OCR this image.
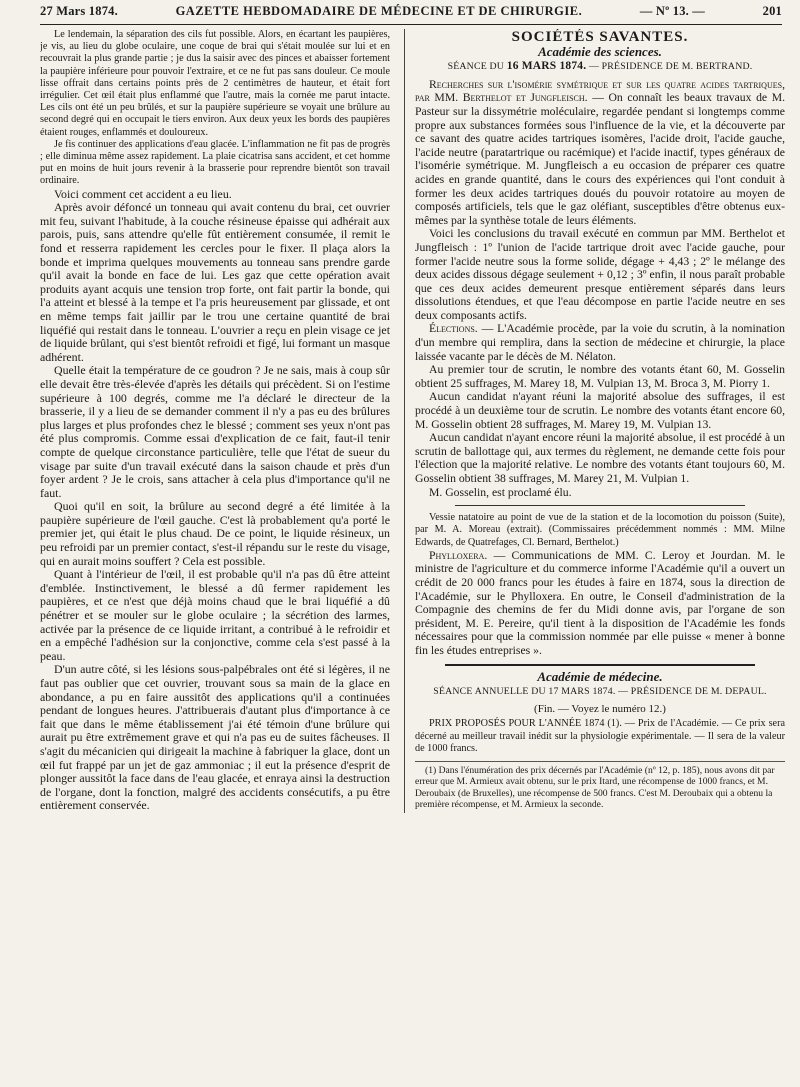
27 Mars 1874.	GAZETTE HEBDOMADAIRE DE MÉDECINE ET DE CHIRURGIE.	— Nº 13. —	201

Le lendemain, la séparation des cils fut possible. Alors, en écartant les paupières, je vis, au lieu du globe oculaire, une coque de brai qui s'était moulée sur lui et en recouvrait la plus grande partie ; je dus la saisir avec des pinces et abaisser fortement la paupière inférieure pour pouvoir l'extraire, et ce ne fut pas sans douleur. Ce moule lisse offrait dans certains points près de 2 centimètres de hauteur, et était fort irrégulier. Cet œil était plus enflammé que l'autre, mais la cornée me parut intacte. Les cils ont été un peu brûlés, et sur la paupière supérieure se voyait une brûlure au second degré qui en occupait le tiers environ. Aux deux yeux les bords des paupières étaient rouges, enflammés et douloureux.

Je fis continuer des applications d'eau glacée. L'inflammation ne fit pas de progrès ; elle diminua même assez rapidement. La plaie cicatrisa sans accident, et cet homme put en moins de huit jours revenir à la brasserie pour reprendre bientôt son travail ordinaire.

Voici comment cet accident a eu lieu.

Après avoir défoncé un tonneau qui avait contenu du brai, cet ouvrier mit feu, suivant l'habitude, à la couche résineuse épaisse qui adhérait aux parois, puis, sans attendre qu'elle fût entièrement consumée, il remit le fond et resserra rapidement les cercles pour le fixer. Il plaça alors la bonde et imprima quelques mouvements au tonneau sans prendre garde qu'il avait la bonde en face de lui. Les gaz que cette opération avait produits ayant acquis une tension trop forte, ont fait partir la bonde, qui l'a atteint et blessé à la tempe et l'a pris heureusement par glissade, et ont en même temps fait jaillir par le trou une certaine quantité de brai liquéfié qui restait dans le tonneau. L'ouvrier a reçu en plein visage ce jet de liquide brûlant, qui s'est bientôt refroidi et figé, lui formant un masque adhérent.

Quelle était la température de ce goudron ? Je ne sais, mais à coup sûr elle devait être très-élevée d'après les détails qui précèdent. Si on l'estime supérieure à 100 degrés, comme me l'a déclaré le directeur de la brasserie, il y a lieu de se demander comment il n'y a pas eu des brûlures plus larges et plus profondes chez le blessé ; comment ses yeux n'ont pas été plus compromis. Comme essai d'explication de ce fait, faut-il tenir compte de quelque circonstance particulière, telle que l'état de sueur du visage par suite d'un travail exécuté dans la saison chaude et près d'un foyer ardent ? Je le crois, sans attacher à cela plus d'importance qu'il ne faut.

Quoi qu'il en soit, la brûlure au second degré a été limitée à la paupière supérieure de l'œil gauche. C'est là probablement qu'a porté le premier jet, qui était le plus chaud. De ce point, le liquide résineux, un peu refroidi par un premier contact, s'est-il répandu sur le reste du visage, qui en aurait moins souffert ? Cela est possible.

Quant à l'intérieur de l'œil, il est probable qu'il n'a pas dû être atteint d'emblée. Instinctivement, le blessé a dû fermer rapidement les paupières, et ce n'est que déjà moins chaud que le brai liquéfié a dû pénétrer et se mouler sur le globe oculaire ; la sécrétion des larmes, activée par la présence de ce liquide irritant, a contribué à le refroidir et en a empêché l'adhésion sur la conjonctive, comme cela s'est passé à la peau.

D'un autre côté, si les lésions sous-palpébrales ont été si légères, il ne faut pas oublier que cet ouvrier, trouvant sous sa main de la glace en abondance, a pu en faire aussitôt des applications qu'il a continuées pendant de longues heures. J'attribuerais d'autant plus d'importance à ce fait que dans le même établissement j'ai été témoin d'une brûlure qui aurait pu être extrêmement grave et qui n'a pas eu de suites fâcheuses. Il s'agit du mécanicien qui dirigeait la machine à fabriquer la glace, dont un œil fut frappé par un jet de gaz ammoniac ; il eut la présence d'esprit de plonger aussitôt la face dans de l'eau glacée, et enraya ainsi la destruction de l'organe, dont la fonction, malgré des accidents consécutifs, a pu être entièrement conservée.

SOCIÉTÉS SAVANTES.
Académie des sciences.
SÉANCE DU 16 MARS 1874. — PRÉSIDENCE DE M. BERTRAND.

Recherches sur l'isomérie symétrique et sur les quatre acides tartriques, par MM. Berthelot et Jungfleisch. — On connaît les beaux travaux de M. Pasteur sur la dissymétrie moléculaire, regardée pendant si longtemps comme propre aux substances formées sous l'influence de la vie, et la découverte par ce savant des quatre acides tartriques isomères, l'acide droit, l'acide gauche, l'acide neutre (paratartrique ou racémique) et l'acide inactif, types généraux de l'isomérie symétrique. M. Jungfleisch a eu occasion de préparer ces quatre acides en grande quantité, dans le cours des expériences qui l'ont conduit à former les deux acides tartriques doués du pouvoir rotatoire au moyen de composés artificiels, tels que le gaz oléfiant, susceptibles d'être obtenus eux-mêmes par la synthèse totale de leurs éléments.

Voici les conclusions du travail exécuté en commun par MM. Berthelot et Jungfleisch : 1º l'union de l'acide tartrique droit avec l'acide gauche, pour former l'acide neutre sous la forme solide, dégage + 4,43 ; 2º le mélange des deux acides dissous dégage seulement + 0,12 ; 3º enfin, il nous paraît probable que ces deux acides demeurent presque entièrement séparés dans leurs dissolutions étendues, et que l'eau décompose en partie l'acide neutre en ses deux composants actifs.

Élections. — L'Académie procède, par la voie du scrutin, à la nomination d'un membre qui remplira, dans la section de médecine et chirurgie, la place laissée vacante par le décès de M. Nélaton.

Au premier tour de scrutin, le nombre des votants étant 60, M. Gosselin obtient 25 suffrages, M. Marey 18, M. Vulpian 13, M. Broca 3, M. Piorry 1.

Aucun candidat n'ayant réuni la majorité absolue des suffrages, il est procédé à un deuxième tour de scrutin. Le nombre des votants étant encore 60, M. Gosselin obtient 28 suffrages, M. Marey 19, M. Vulpian 13.

Aucun candidat n'ayant encore réuni la majorité absolue, il est procédé à un scrutin de ballottage qui, aux termes du règlement, ne demande cette fois pour l'élection que la majorité relative. Le nombre des votants étant toujours 60, M. Gosselin obtient 38 suffrages, M. Marey 21, M. Vulpian 1.

M. Gosselin, est proclamé élu.

Vessie natatoire au point de vue de la station et de la locomotion du poisson (Suite), par M. A. Moreau (extrait). (Commissaires précédemment nommés : MM. Milne Edwards, de Quatrefages, Cl. Bernard, Berthelot.)

Phylloxera. — Communications de MM. C. Leroy et Jourdan. M. le ministre de l'agriculture et du commerce informe l'Académie qu'il a ouvert un crédit de 20 000 francs pour les études à faire en 1874, sous la direction de l'Académie, sur le Phylloxera. En outre, le Conseil d'administration de la Compagnie des chemins de fer du Midi donne avis, par l'organe de son président, M. E. Pereire, qu'il tient à la disposition de l'Académie les fonds nécessaires pour que la commission nommée par elle puisse « mener à bonne fin les études entreprises ».

Académie de médecine.
SÉANCE ANNUELLE DU 17 MARS 1874. — PRÉSIDENCE DE M. DEPAUL.
(Fin. — Voyez le numéro 12.)

PRIX PROPOSÉS POUR L'ANNÉE 1874 (1). — Prix de l'Académie. — Ce prix sera décerné au meilleur travail inédit sur la physiologie expérimentale. — Il sera de la valeur de 1000 francs.

(1) Dans l'énumération des prix décernés par l'Académie (nº 12, p. 185), nous avons dit par erreur que M. Armieux avait obtenu, sur le prix Itard, une récompense de 1000 francs, et M. Deroubaix (de Bruxelles), une récompense de 500 francs. C'est M. Deroubaix qui a obtenu la première récompense, et M. Armieux la seconde.
